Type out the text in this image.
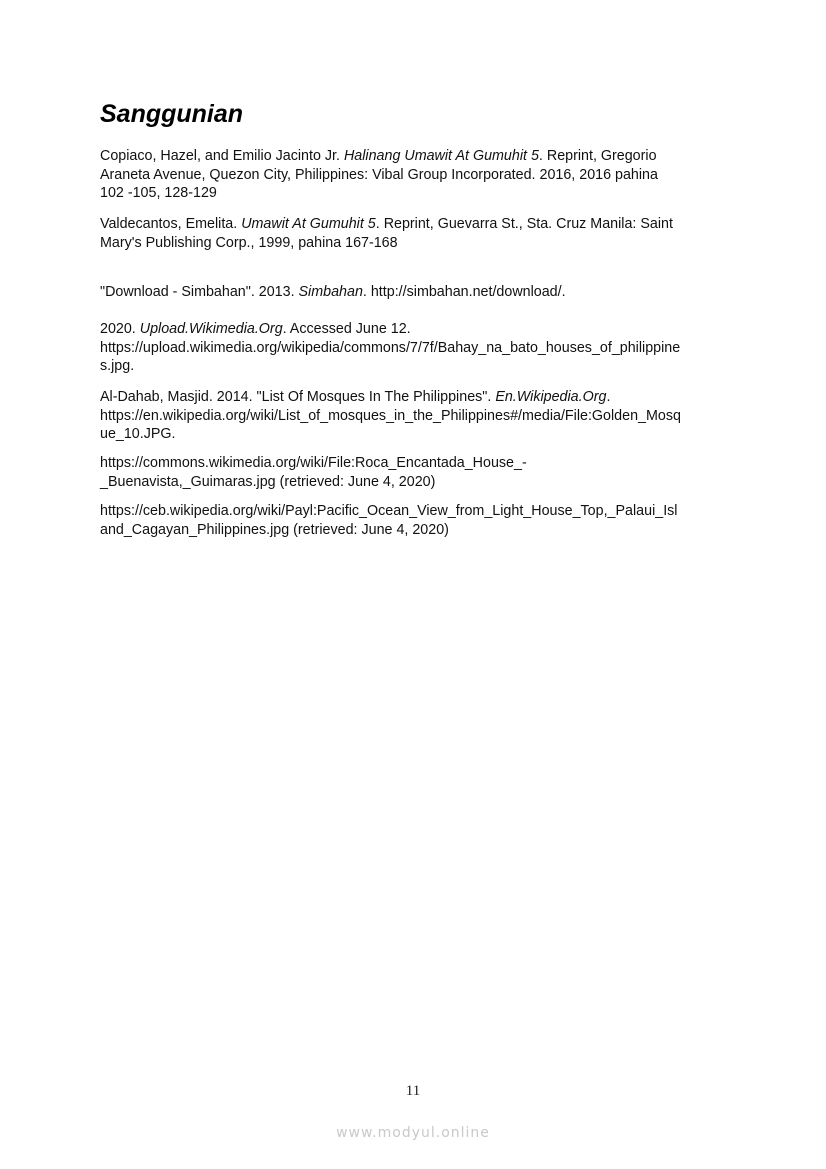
Sanggunian
Copiaco, Hazel, and Emilio Jacinto Jr. Halinang Umawit At Gumuhit 5. Reprint, Gregorio
Araneta Avenue, Quezon City, Philippines: Vibal Group Incorporated. 2016, 2016 pahina
102 -105, 128-129
Valdecantos, Emelita. Umawit At Gumuhit 5. Reprint, Guevarra St., Sta. Cruz Manila: Saint
Mary's Publishing Corp., 1999, pahina 167-168
"Download - Simbahan". 2013. Simbahan. http://simbahan.net/download/.
2020. Upload.Wikimedia.Org. Accessed June 12.
https://upload.wikimedia.org/wikipedia/commons/7/7f/Bahay_na_bato_houses_of_philippine
s.jpg.
Al-Dahab, Masjid. 2014. "List Of Mosques In The Philippines". En.Wikipedia.Org.
https://en.wikipedia.org/wiki/List_of_mosques_in_the_Philippines#/media/File:Golden_Mosq
ue_10.JPG.
https://commons.wikimedia.org/wiki/File:Roca_Encantada_House_-
_Buenavista,_Guimaras.jpg (retrieved: June 4, 2020)
https://ceb.wikipedia.org/wiki/Payl:Pacific_Ocean_View_from_Light_House_Top,_Palaui_Isl
and_Cagayan_Philippines.jpg (retrieved: June 4, 2020)
11
www.modyul.online
